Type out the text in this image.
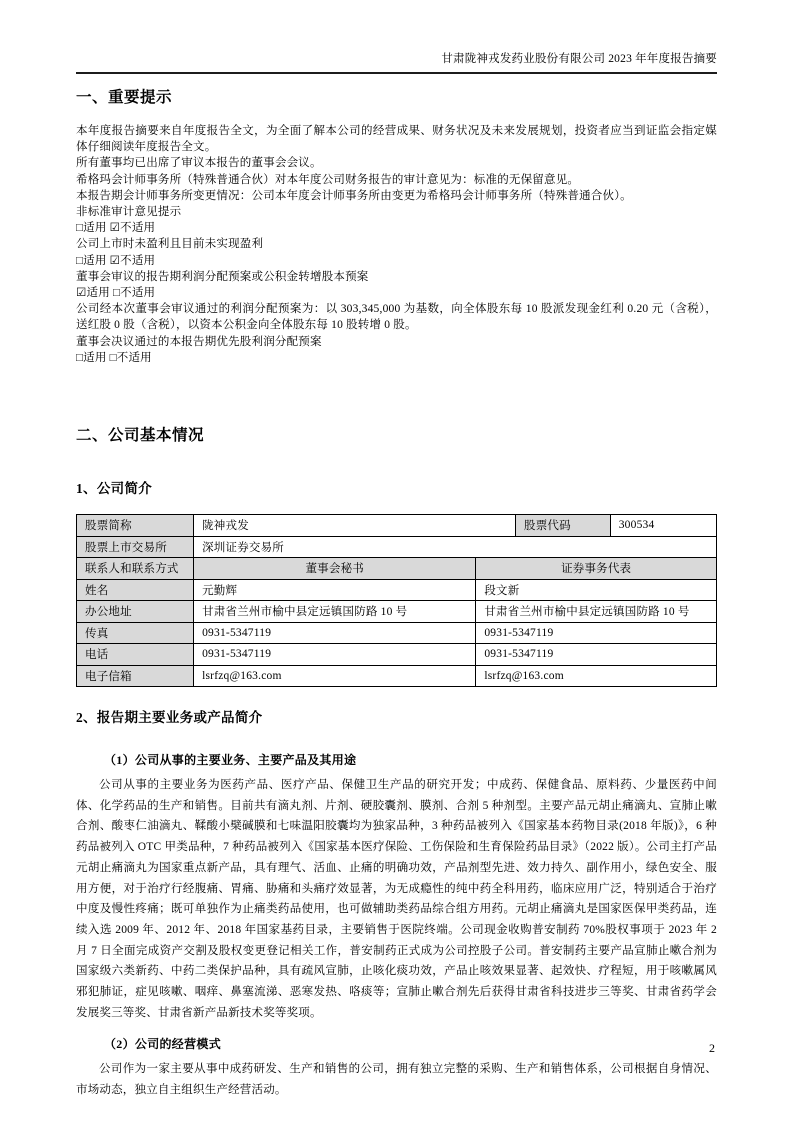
甘肃陇神戎发药业股份有限公司 2023 年年度报告摘要
一、重要提示

本年度报告摘要来自年度报告全文，为全面了解本公司的经营成果、财务状况及未来发展规划，投资者应当到证监会指定媒体仔细阅读年度报告全文。

所有董事均已出席了审议本报告的董事会会议。

希格玛会计师事务所（特殊普通合伙）对本年度公司财务报告的审计意见为：标准的无保留意见。

本报告期会计师事务所变更情况：公司本年度会计师事务所由变更为希格玛会计师事务所（特殊普通合伙）。

非标准审计意见提示

□适用 ☑不适用

公司上市时未盈利且目前未实现盈利

□适用 ☑不适用

董事会审议的报告期利润分配预案或公积金转增股本预案

☑适用 □不适用

公司经本次董事会审议通过的利润分配预案为：以 303,345,000 为基数，向全体股东每 10 股派发现金红利 0.20 元（含税），送红股 0 股（含税），以资本公积金向全体股东每 10 股转增 0 股。

董事会决议通过的本报告期优先股利润分配预案

□适用 □不适用

二、公司基本情况
1、公司简介
股票简称	陇神戎发		股票代码	300534
股票上市交易所	深圳证券交易所			
联系人和联系方式	董事会秘书	证券事务代表		
姓名	元勤辉	段文新		
办公地址	甘肃省兰州市榆中县定远镇国防路 10 号	甘肃省兰州市榆中县定远镇国防路 10 号		
传真	0931-5347119	0931-5347119		
电话	0931-5347119	0931-5347119		
电子信箱	lsrfzq@163.com	lsrfzq@163.com		
2、报告期主要业务或产品简介
（1）公司从事的主要业务、主要产品及其用途

公司从事的主要业务为医药产品、医疗产品、保健卫生产品的研究开发；中成药、保健食品、原料药、少量医药中间体、化学药品的生产和销售。目前共有滴丸剂、片剂、硬胶囊剂、膜剂、合剂 5 种剂型。主要产品元胡止痛滴丸、宣肺止嗽合剂、酸枣仁油滴丸、鞣酸小檗碱膜和七味温阳胶囊均为独家品种，3 种药品被列入《国家基本药物目录(2018 年版)》，6 种药品被列入 OTC 甲类品种，7 种药品被列入《国家基本医疗保险、工伤保险和生育保险药品目录》（2022 版）。公司主打产品元胡止痛滴丸为国家重点新产品，具有理气、活血、止痛的明确功效，产品剂型先进、效力持久、副作用小，绿色安全、服用方便，对于治疗行经腹痛、胃痛、胁痛和头痛疗效显著，为无成瘾性的纯中药全科用药，临床应用广泛，特别适合于治疗中度及慢性疼痛；既可单独作为止痛类药品使用，也可做辅助类药品综合组方用药。元胡止痛滴丸是国家医保甲类药品，连续入选 2009 年、2012 年、2018 年国家基药目录，主要销售于医院终端。公司现金收购普安制药 70%股权事项于 2023 年 2 月 7 日全面完成资产交割及股权变更登记相关工作，普安制药正式成为公司控股子公司。普安制药主要产品宣肺止嗽合剂为国家级六类新药、中药二类保护品种，具有疏风宣肺，止咳化痰功效，产品止咳效果显著、起效快、疗程短，用于咳嗽属风邪犯肺证，症见咳嗽、咽痒、鼻塞流涕、恶寒发热、咯痰等；宣肺止嗽合剂先后获得甘肃省科技进步三等奖、甘肃省药学会发展奖三等奖、甘肃省新产品新技术奖等奖项。

（2）公司的经营模式

公司作为一家主要从事中成药研发、生产和销售的公司，拥有独立完整的采购、生产和销售体系，公司根据自身情况、市场动态，独立自主组织生产经营活动。

2
